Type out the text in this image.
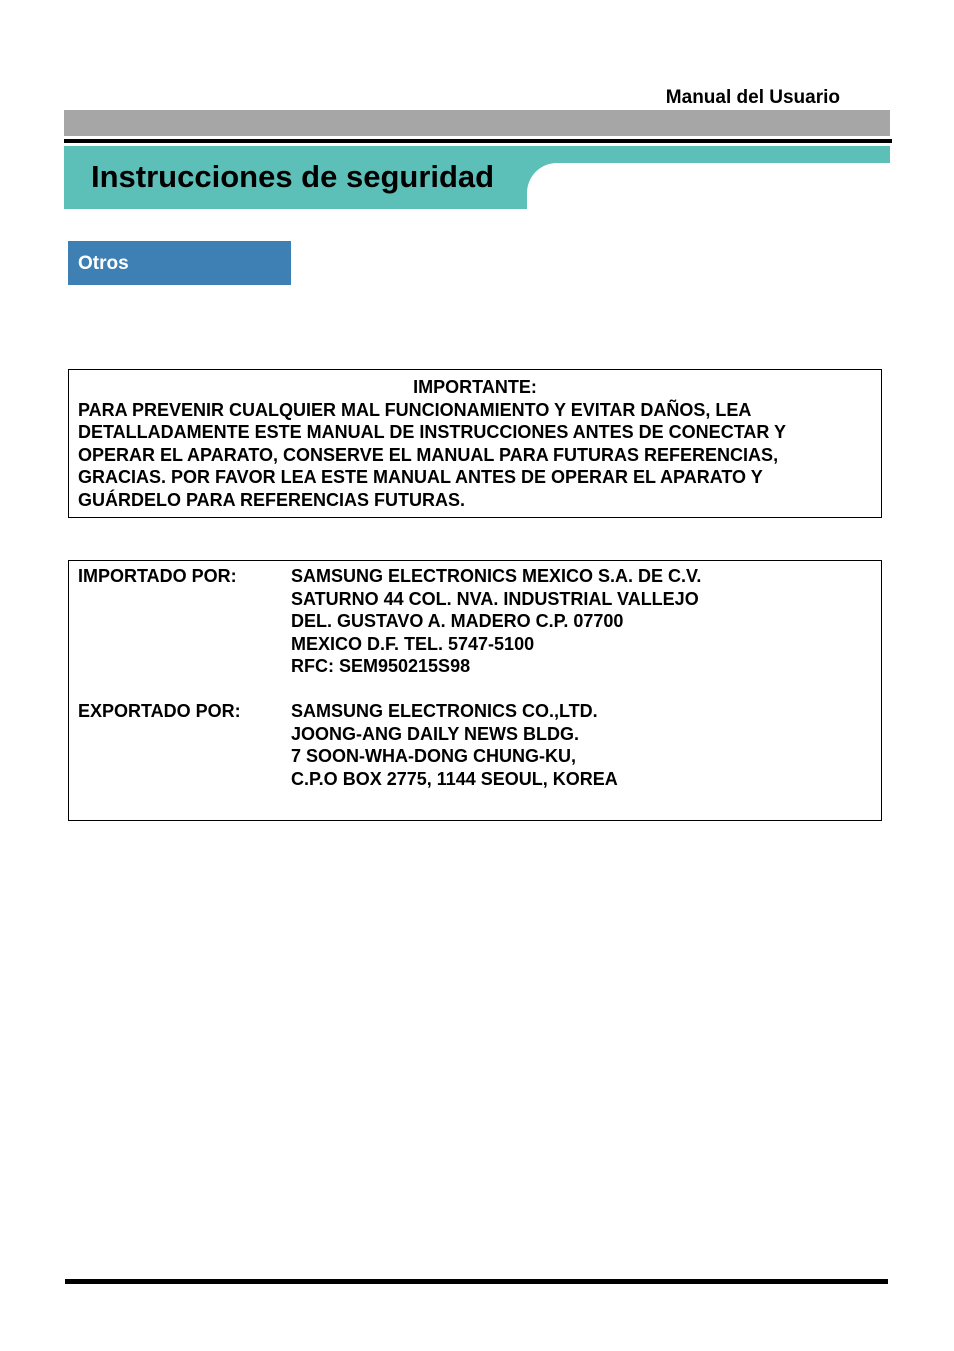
Manual del Usuario
Instrucciones de seguridad
Otros
IMPORTANTE:
PARA PREVENIR CUALQUIER MAL FUNCIONAMIENTO Y EVITAR DAÑOS, LEA
DETALLADAMENTE ESTE MANUAL DE INSTRUCCIONES ANTES DE CONECTAR Y
OPERAR EL APARATO, CONSERVE EL MANUAL PARA FUTURAS REFERENCIAS,
GRACIAS. POR FAVOR LEA ESTE MANUAL ANTES DE OPERAR EL APARATO Y
GUÁRDELO PARA REFERENCIAS FUTURAS.
IMPORTADO POR:	SAMSUNG ELECTRONICS MEXICO S.A. DE C.V.
SATURNO 44 COL. NVA. INDUSTRIAL VALLEJO
DEL. GUSTAVO A. MADERO C.P. 07700
MEXICO D.F. TEL. 5747-5100
RFC: SEM950215S98
EXPORTADO POR:	SAMSUNG ELECTRONICS CO.,LTD.
JOONG-ANG DAILY NEWS BLDG.
7 SOON-WHA-DONG CHUNG-KU,
C.P.O BOX 2775, 1144 SEOUL, KOREA
